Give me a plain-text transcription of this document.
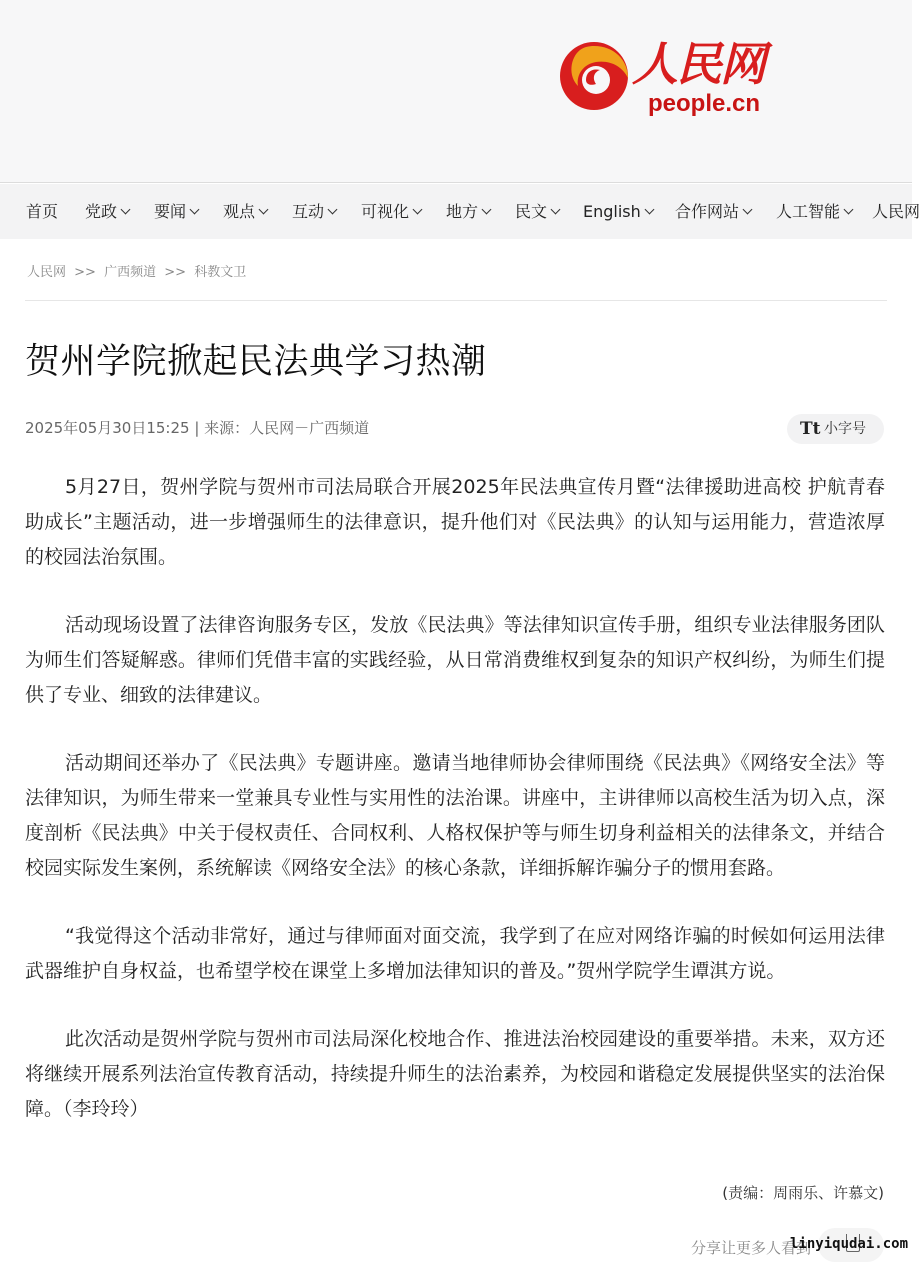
人民网
people.cn
首页 党政	要闻	观点	互动	可视化	地方	民文	English	合作网站	人工智能	人民网
人民网 >> 广西频道 >> 科教文卫
贺州学院掀起民法典学习热潮
2025年05月30日15:25 | 来源：人民网－广西频道	Tt 小字号

5月27日，贺州学院与贺州市司法局联合开展2025年民法典宣传月暨“法律援助进高校 护航青春助成长”主题活动，进一步增强师生的法律意识，提升他们对《民法典》的认知与运用能力，营造浓厚的校园法治氛围。

活动现场设置了法律咨询服务专区，发放《民法典》等法律知识宣传手册，组织专业法律服务团队为师生们答疑解惑。律师们凭借丰富的实践经验，从日常消费维权到复杂的知识产权纠纷，为师生们提供了专业、细致的法律建议。

活动期间还举办了《民法典》专题讲座。邀请当地律师协会律师围绕《民法典》《网络安全法》等法律知识，为师生带来一堂兼具专业性与实用性的法治课。讲座中，主讲律师以高校生活为切入点，深度剖析《民法典》中关于侵权责任、合同权利、人格权保护等与师生切身利益相关的法律条文，并结合校园实际发生案例，系统解读《网络安全法》的核心条款，详细拆解诈骗分子的惯用套路。

“我觉得这个活动非常好，通过与律师面对面交流，我学到了在应对网络诈骗的时候如何运用法律武器维护自身权益，也希望学校在课堂上多增加法律知识的普及。”贺州学院学生谭淇方说。

此次活动是贺州学院与贺州市司法局深化校地合作、推进法治校园建设的重要举措。未来，双方还将继续开展系列法治宣传教育活动，持续提升师生的法治素养，为校园和谐稳定发展提供坚实的法治保障。（李玲玲）

(责编：周雨乐、许慕文)
分享让更多人看到
linyiqudai.com
